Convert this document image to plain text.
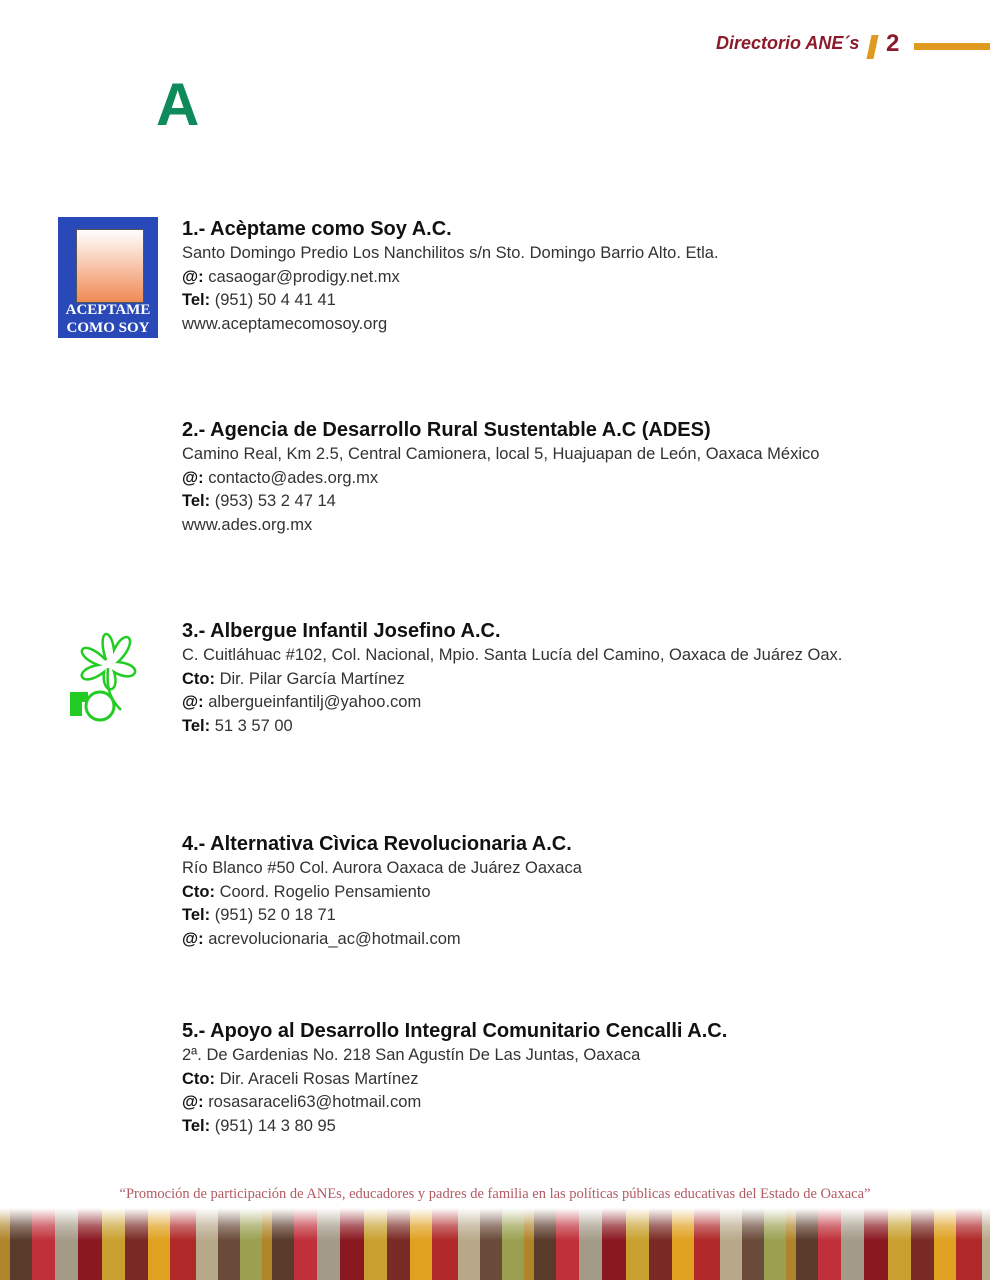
Directorio ANE´s 2
A
ACEPTAME
COMO SOY
1.- Acèptame como Soy A.C.
Santo Domingo Predio Los Nanchilitos s/n Sto. Domingo Barrio Alto. Etla.
@: casaogar@prodigy.net.mx
Tel: (951) 50 4 41 41
www.aceptamecomosoy.org
2.- Agencia de Desarrollo Rural Sustentable A.C (ADES)
Camino Real, Km 2.5, Central Camionera, local 5, Huajuapan de León, Oaxaca México
@: contacto@ades.org.mx
Tel: (953) 53 2 47 14
www.ades.org.mx
3.- Albergue Infantil Josefino A.C.
C. Cuitláhuac #102, Col. Nacional, Mpio. Santa Lucía del Camino, Oaxaca de Juárez Oax.
Cto: Dir. Pilar García Martínez
@: albergueinfantilj@yahoo.com
Tel: 51 3 57 00
4.- Alternativa Cìvica Revolucionaria A.C.
Río Blanco #50 Col. Aurora Oaxaca de Juárez Oaxaca
Cto: Coord. Rogelio Pensamiento
Tel: (951) 52 0 18 71
@: acrevolucionaria_ac@hotmail.com
5.- Apoyo al Desarrollo Integral Comunitario Cencalli A.C.
2ª. De Gardenias No. 218 San Agustín De Las Juntas, Oaxaca
Cto: Dir. Araceli Rosas Martínez
@: rosasaraceli63@hotmail.com
Tel: (951) 14 3 80 95
“Promoción de participación de ANEs, educadores y padres de familia en las políticas públicas educativas del Estado de Oaxaca”
